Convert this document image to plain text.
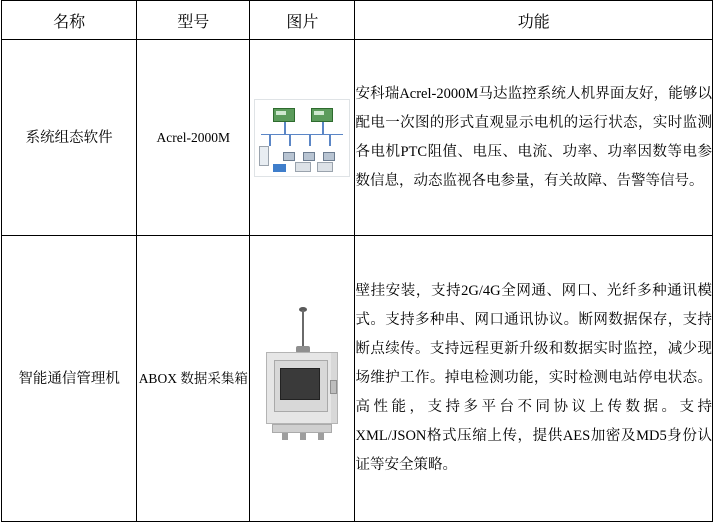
名称	型号	图片	功能
系统组态软件	Acrel-2000M		安科瑞Acrel-2000M马达监控系统人机界面友好，能够以配电一次图的形式直观显示电机的运行状态，实时监测各电机PTC阻值、电压、电流、功率、功率因数等电参数信息，动态监视各电参量，有关故障、告警等信号。
智能通信管理机	ABOX 数据采集箱		壁挂安装，支持2G/4G全网通、网口、光纤多种通讯模式。支持多种串、网口通讯协议。断网数据保存，支持断点续传。支持远程更新升级和数据实时监控，减少现场维护工作。掉电检测功能，实时检测电站停电状态。高性能，支持多平台不同协议上传数据。支持XML/JSON格式压缩上传，提供AES加密及MD5身份认证等安全策略。
